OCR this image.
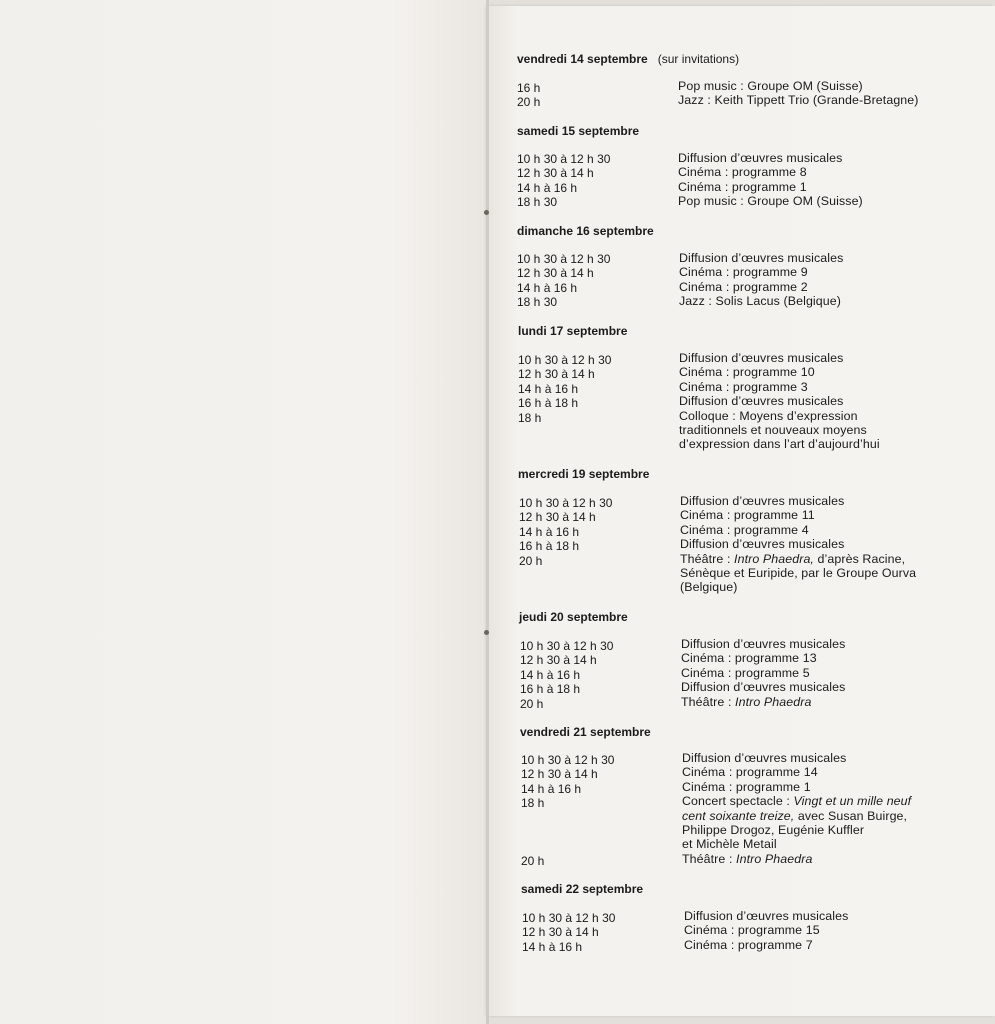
vendredi 14 septembre (sur invitations)
16 h
20 h
Pop music : Groupe OM (Suisse)
Jazz : Keith Tippett Trio (Grande-Bretagne)
samedi 15 septembre
10 h 30 à 12 h 30
12 h 30 à 14 h
14 h à 16 h
18 h 30
Diffusion d’œuvres musicales
Cinéma : programme 8
Cinéma : programme 1
Pop music : Groupe OM (Suisse)
dimanche 16 septembre
10 h 30 à 12 h 30
12 h 30 à 14 h
14 h à 16 h
18 h 30
Diffusion d’œuvres musicales
Cinéma : programme 9
Cinéma : programme 2
Jazz : Solis Lacus (Belgique)
lundi 17 septembre
10 h 30 à 12 h 30
12 h 30 à 14 h
14 h à 16 h
16 h à 18 h
18 h
Diffusion d’œuvres musicales
Cinéma : programme 10
Cinéma : programme 3
Diffusion d’œuvres musicales
Colloque : Moyens d’expression
traditionnels et nouveaux moyens
d’expression dans l’art d’aujourd’hui
mercredi 19 septembre
10 h 30 à 12 h 30
12 h 30 à 14 h
14 h à 16 h
16 h à 18 h
20 h
Diffusion d’œuvres musicales
Cinéma : programme 11
Cinéma : programme 4
Diffusion d’œuvres musicales
Théâtre : Intro Phaedra, d’après Racine,
Sénèque et Euripide, par le Groupe Ourva
(Belgique)
jeudi 20 septembre
10 h 30 à 12 h 30
12 h 30 à 14 h
14 h à 16 h
16 h à 18 h
20 h
Diffusion d’œuvres musicales
Cinéma : programme 13
Cinéma : programme 5
Diffusion d’œuvres musicales
Théâtre : Intro Phaedra
vendredi 21 septembre
10 h 30 à 12 h 30
12 h 30 à 14 h
14 h à 16 h
18 h
20 h
Diffusion d’œuvres musicales
Cinéma : programme 14
Cinéma : programme 1
Concert spectacle : Vingt et un mille neuf
cent soixante treize, avec Susan Buirge,
Philippe Drogoz, Eugénie Kuffler
et Michèle Metail
Théâtre : Intro Phaedra
samedi 22 septembre
10 h 30 à 12 h 30
12 h 30 à 14 h
14 h à 16 h
Diffusion d’œuvres musicales
Cinéma : programme 15
Cinéma : programme 7
